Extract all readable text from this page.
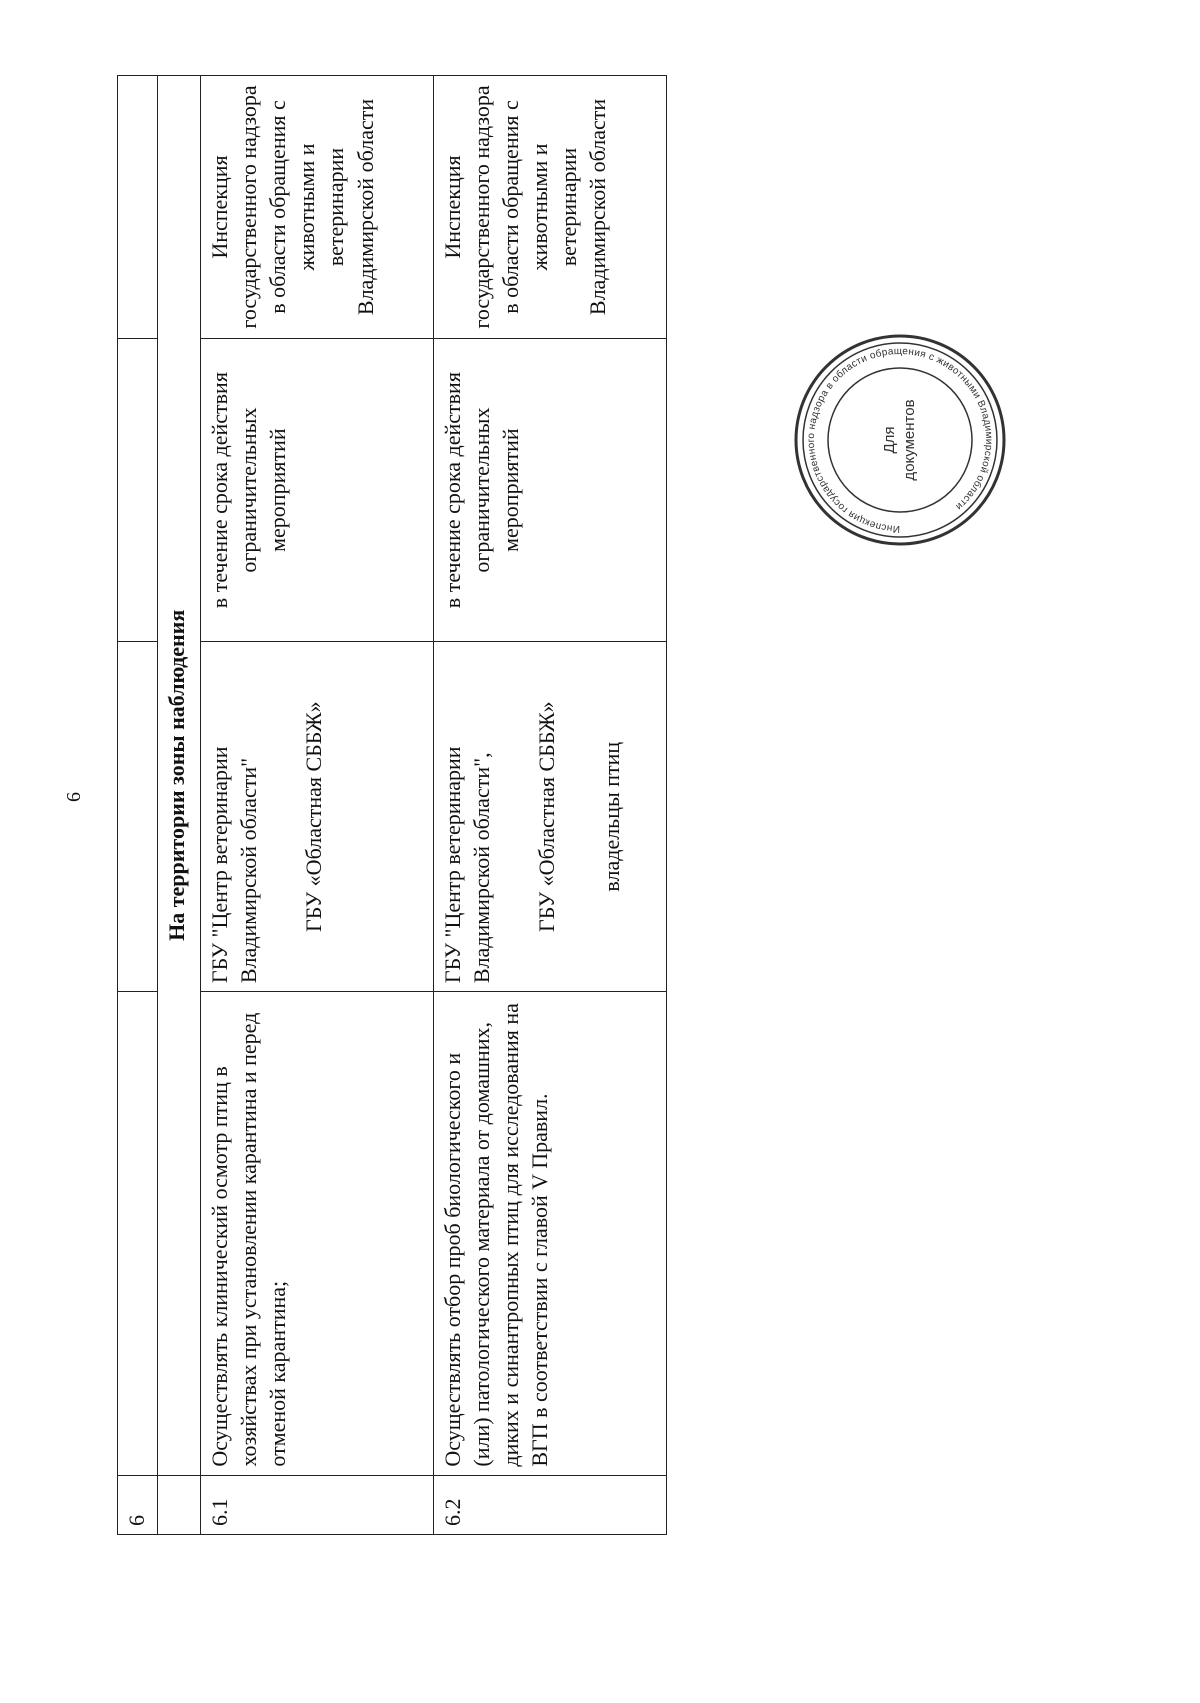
6
6				
	На территории зоны наблюдения			
6.1	Осуществлять клинический осмотр птиц в хозяйствах при установлении карантина и перед отменой карантина;	ГБУ "Центр ветеринарии Владимирской области" ГБУ «Областная СББЖ»	в течение срока действия ограничительных мероприятий	Инспекция государственного надзора в области обращения с животными и ветеринарии Владимирской области
6.2	Осуществлять отбор проб биологического и (или) патологического материала от домашних, диких и синантропных птиц для исследования на ВГП в соответствии с главой V Правил.	ГБУ "Центр ветеринарии Владимирской области", ГБУ «Областная СББЖ» владельцы птиц	в течение срока действия ограничительных мероприятий	Инспекция государственного надзора в области обращения с животными и ветеринарии Владимирской области
Инспекция государственного надзора в области обращения с животными Владимирской области
Для документов
